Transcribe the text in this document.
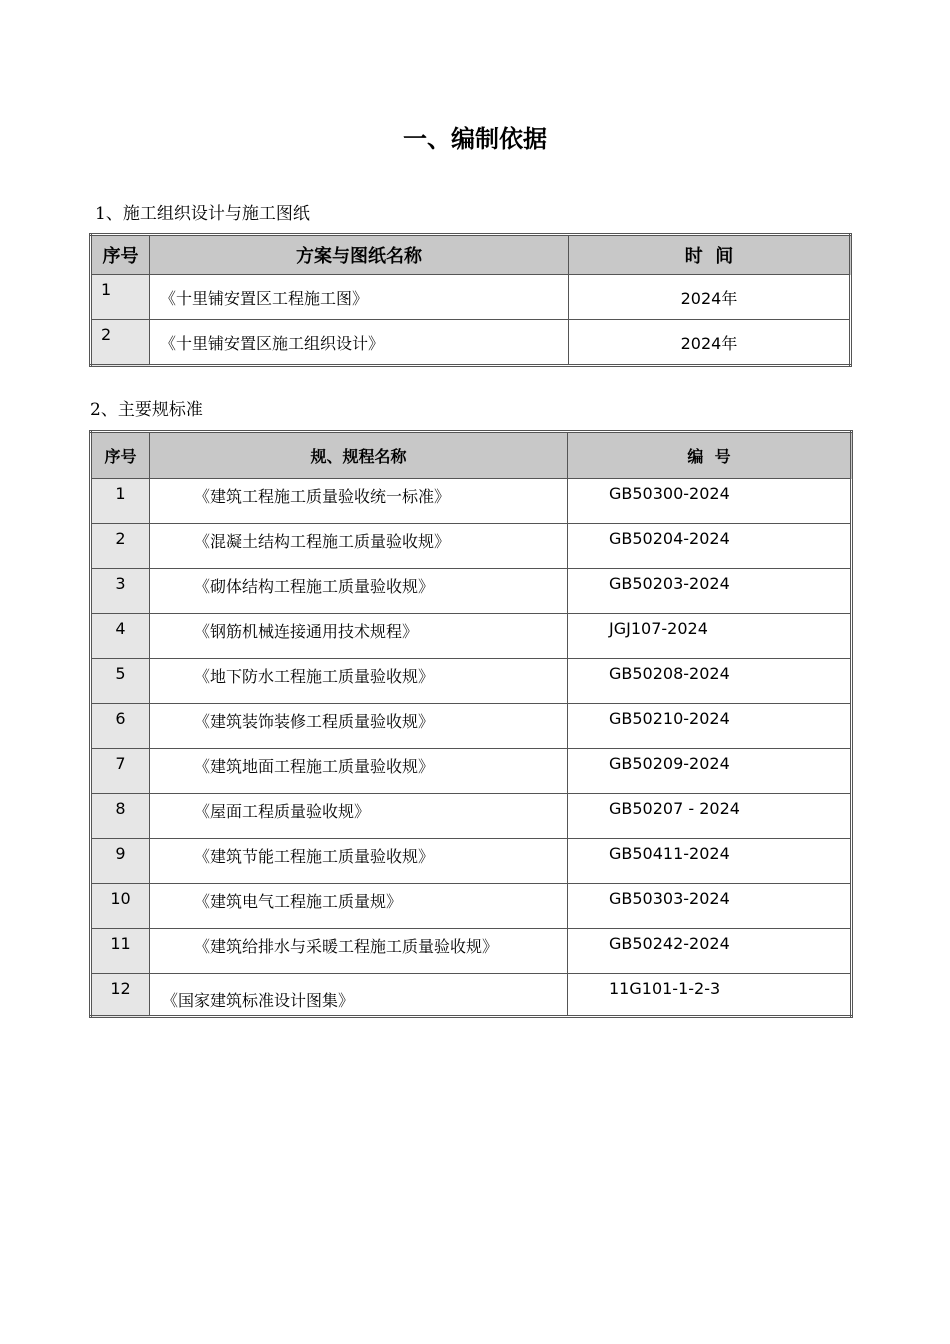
一、编制依据
1、施工组织设计与施工图纸
序号	方案与图纸名称	时  间
1	《十里铺安置区工程施工图》	2024年
2	《十里铺安置区施工组织设计》	2024年
2、主要规标准
序号	规、规程名称	编  号
1	《建筑工程施工质量验收统一标准》	GB50300-2024
2	《混凝土结构工程施工质量验收规》	GB50204-2024
3	《砌体结构工程施工质量验收规》	GB50203-2024
4	《钢筋机械连接通用技术规程》	JGJ107-2024
5	《地下防水工程施工质量验收规》	GB50208-2024
6	《建筑装饰装修工程质量验收规》	GB50210-2024
7	《建筑地面工程施工质量验收规》	GB50209-2024
8	《屋面工程质量验收规》	GB50207 - 2024
9	《建筑节能工程施工质量验收规》	GB50411-2024
10	《建筑电气工程施工质量规》	GB50303-2024
11	《建筑给排水与采暖工程施工质量验收规》	GB50242-2024
12	《国家建筑标准设计图集》	11G101-1-2-3
